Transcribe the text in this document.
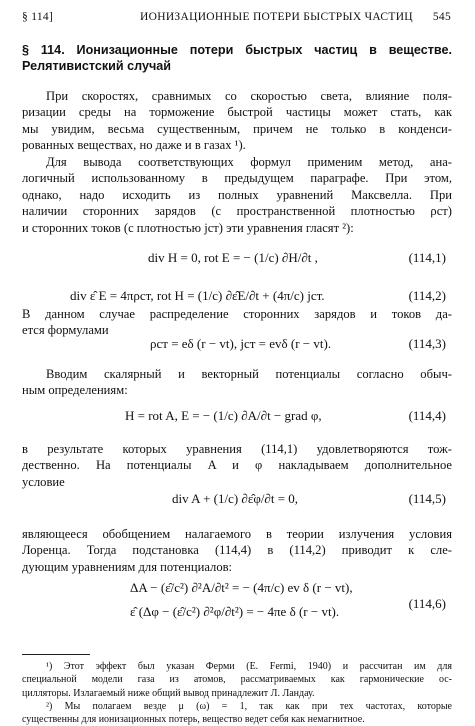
§ 114]	ИОНИЗАЦИОННЫЕ ПОТЕРИ БЫСТРЫХ ЧАСТИЦ 545
§ 114. Ионизационные потери быстрых частиц в веществе.
Релятивистский случай
При скоростях, сравнимых со скоростью света, влияние поля-
ризации среды на торможение быстрой частицы может стать, как
мы увидим, весьма существенным, причем не только в конденси-
рованных веществах, но даже и в газах ¹).
Для вывода соответствующих формул применим метод, ана-
логичный использованному в предыдущем параграфе. При этом,
однако, надо исходить из полных уравнений Максвелла. При
наличии сторонних зарядов (с пространственной плотностью ρст)
и сторонних токов (с плотностью jст) эти уравнения гласят ²):
div H = 0, rot E = − (1/c) ∂H/∂t ,	(114,1)
div ε̂ E = 4πρст, rot H = (1/c) ∂ε̂E/∂t + (4π/c) jст.	(114,2)
В данном случае распределение сторонних зарядов и токов да-
ется формулами
ρст = eδ (r − vt), jст = evδ (r − vt).	(114,3)
Вводим скалярный и векторный потенциалы согласно обыч-
ным определениям:
H = rot A, E = − (1/c) ∂A/∂t − grad φ,	(114,4)
в результате которых уравнения (114,1) удовлетворяются тож-
дественно. На потенциалы A и φ накладываем дополнительное
условие
div A + (1/c) ∂ε̂φ/∂t = 0,	(114,5)
являющееся обобщением налагаемого в теории излучения условия
Лоренца. Тогда подстановка (114,4) в (114,2) приводит к сле-
дующим уравнениям для потенциалов:
ΔA − (ε̂/c²) ∂²A/∂t² = − (4π/c) ev δ (r − vt),
ε̂ (Δφ − (ε̂/c²) ∂²φ/∂t²) = − 4πe δ (r − vt).
(114,6)
¹) Этот эффект был указан Ферми (E. Fermi, 1940) и рассчитан им для
специальной модели газа из атомов, рассматриваемых как гармонические ос-
цилляторы. Излагаемый ниже общий вывод принадлежит Л. Ландау.
²) Мы полагаем везде μ (ω) = 1, так как при тех частотах, которые
существенны для ионизационных потерь, вещество ведет себя как немагнитное.
